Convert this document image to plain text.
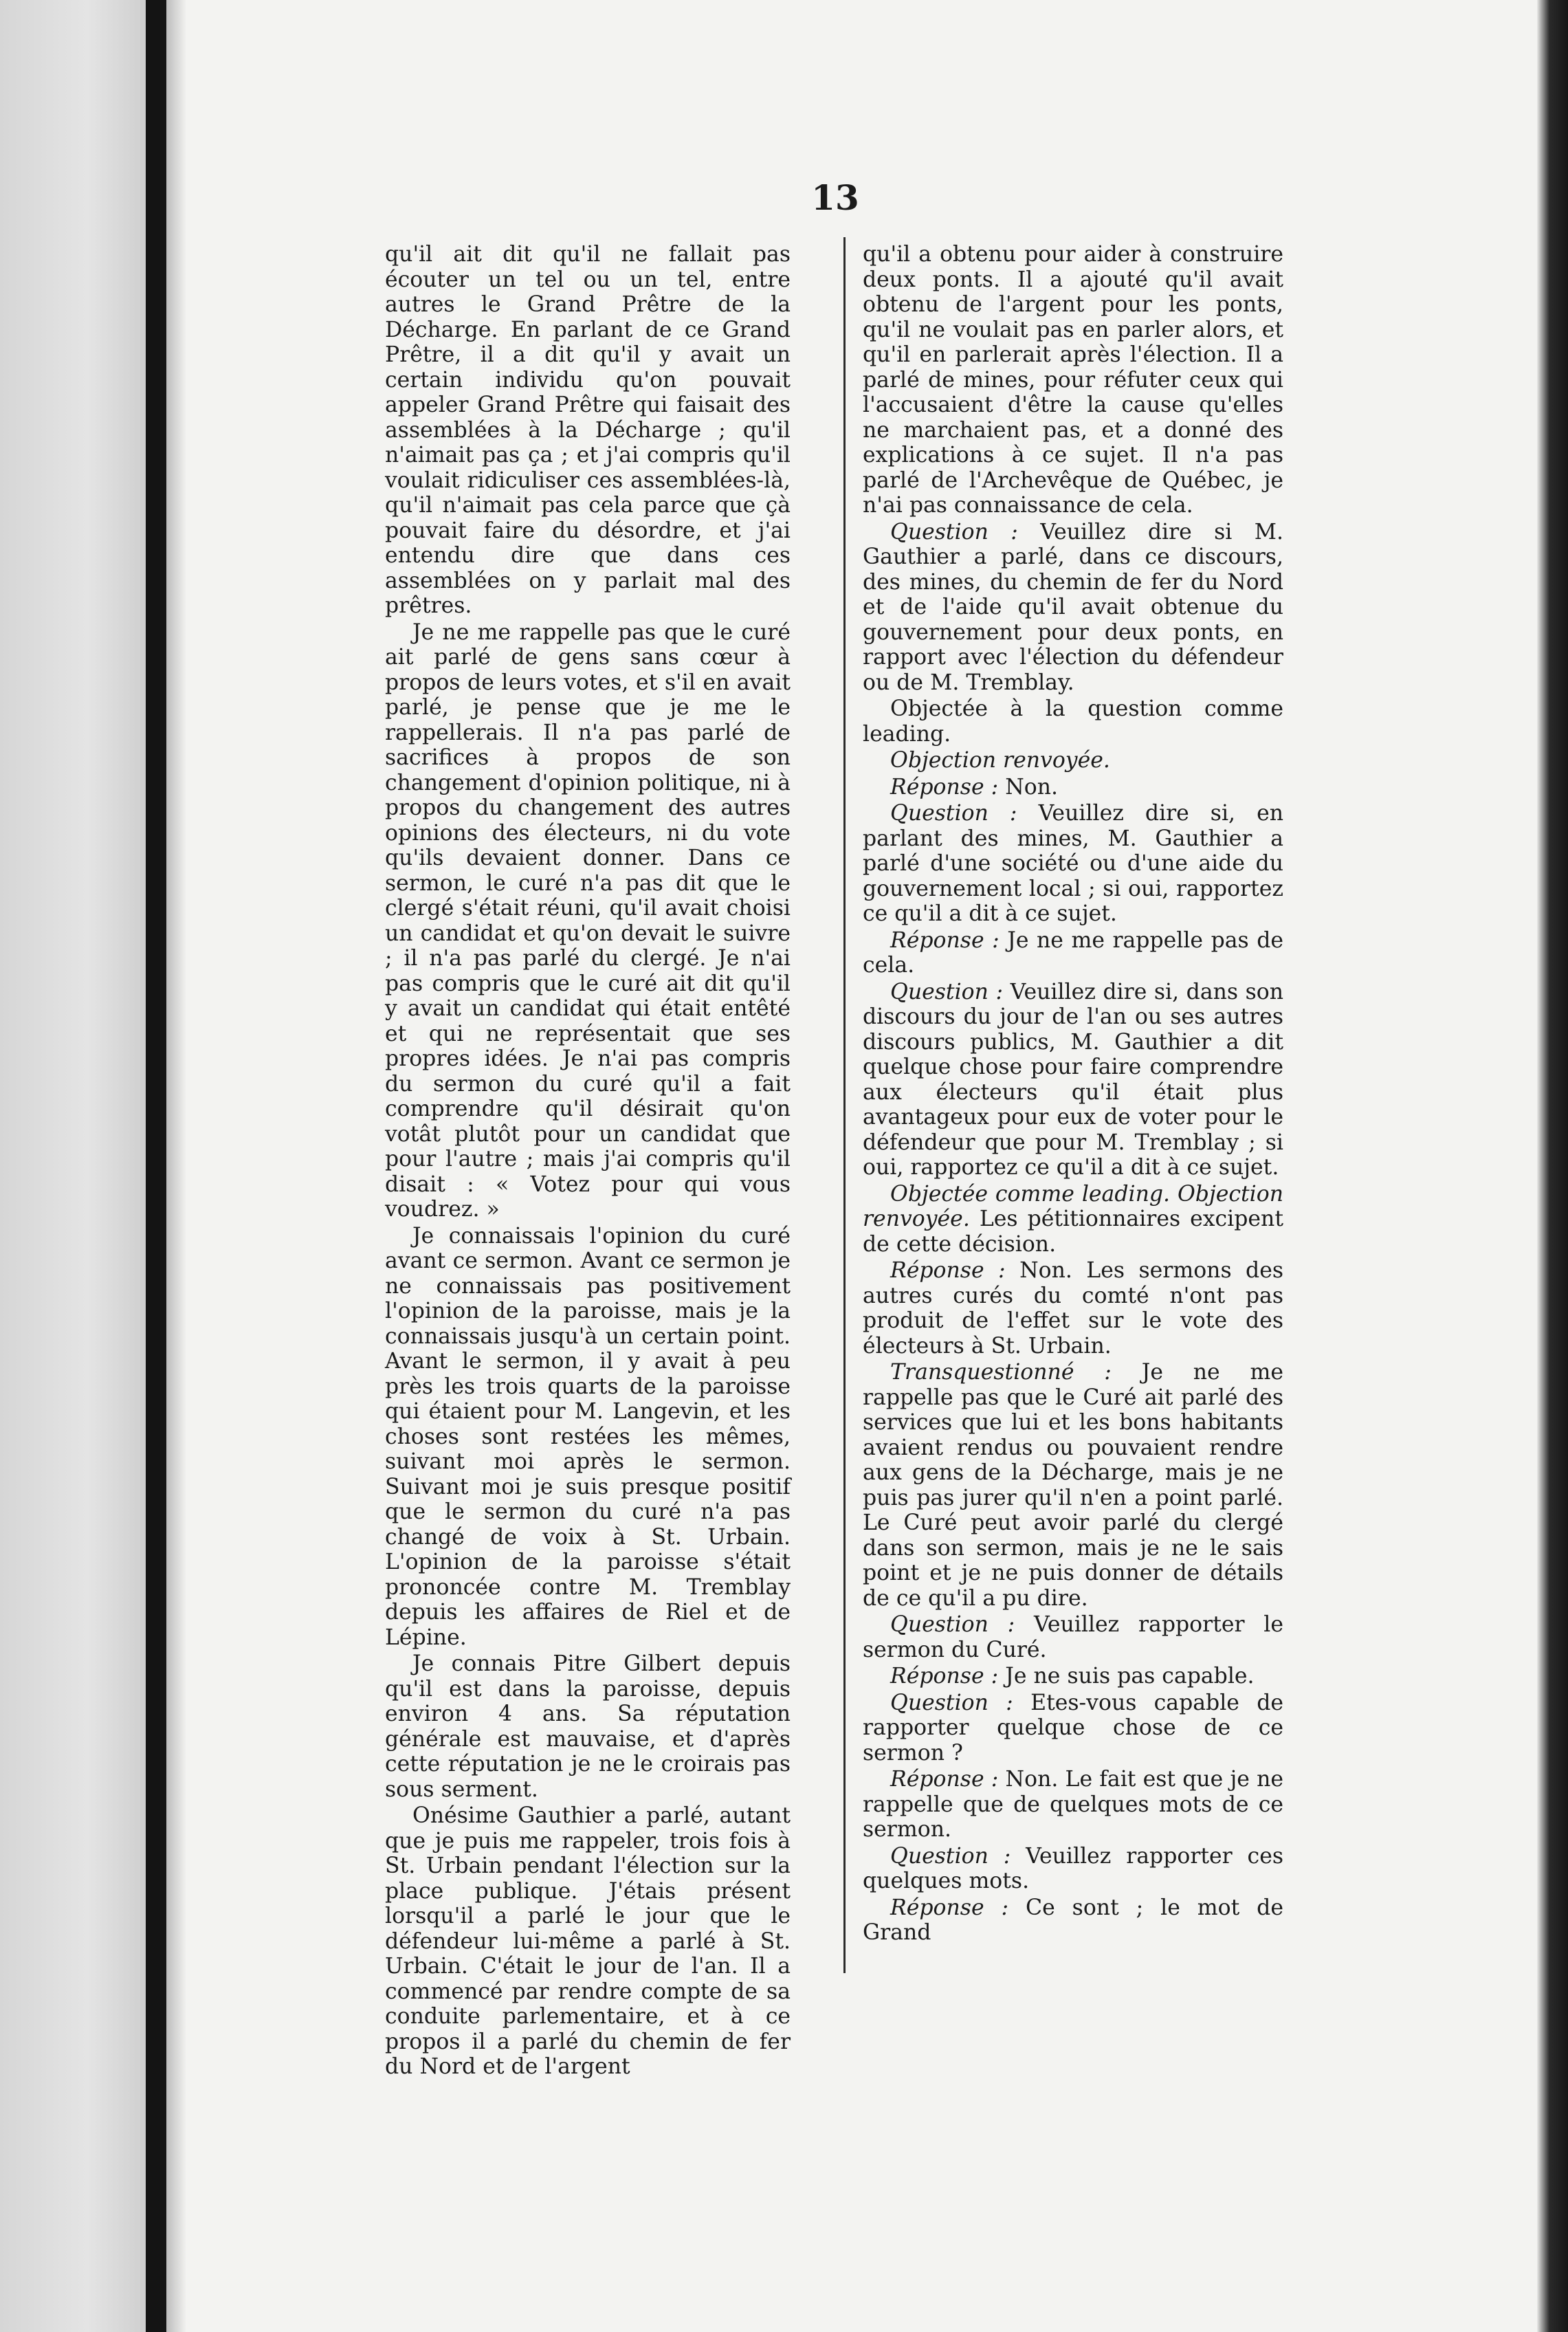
13

qu'il ait dit qu'il ne fallait pas écouter un tel ou un tel, entre autres le Grand Prêtre de la Décharge. En parlant de ce Grand Prêtre, il a dit qu'il y avait un certain individu qu'on pouvait appeler Grand Prêtre qui faisait des assemblées à la Décharge ; qu'il n'aimait pas ça ; et j'ai compris qu'il voulait ridiculiser ces assemblées-là, qu'il n'aimait pas cela parce que çà pouvait faire du désordre, et j'ai entendu dire que dans ces assemblées on y parlait mal des prêtres.

Je ne me rappelle pas que le curé ait parlé de gens sans cœur à propos de leurs votes, et s'il en avait parlé, je pense que je me le rappellerais. Il n'a pas parlé de sacrifices à propos de son changement d'opinion politique, ni à propos du changement des autres opinions des électeurs, ni du vote qu'ils devaient donner. Dans ce sermon, le curé n'a pas dit que le clergé s'était réuni, qu'il avait choisi un candidat et qu'on devait le suivre ; il n'a pas parlé du clergé. Je n'ai pas compris que le curé ait dit qu'il y avait un candidat qui était entêté et qui ne représentait que ses propres idées. Je n'ai pas compris du sermon du curé qu'il a fait comprendre qu'il désirait qu'on votât plutôt pour un candidat que pour l'autre ; mais j'ai compris qu'il disait : « Votez pour qui vous voudrez. »

Je connaissais l'opinion du curé avant ce sermon. Avant ce sermon je ne connaissais pas positivement l'opinion de la paroisse, mais je la connaissais jusqu'à un certain point. Avant le sermon, il y avait à peu près les trois quarts de la paroisse qui étaient pour M. Langevin, et les choses sont restées les mêmes, suivant moi après le sermon. Suivant moi je suis presque positif que le sermon du curé n'a pas changé de voix à St. Urbain. L'opinion de la paroisse s'était prononcée contre M. Tremblay depuis les affaires de Riel et de Lépine.

Je connais Pitre Gilbert depuis qu'il est dans la paroisse, depuis environ 4 ans. Sa réputation générale est mauvaise, et d'après cette réputation je ne le croirais pas sous serment.

Onésime Gauthier a parlé, autant que je puis me rappeler, trois fois à St. Urbain pendant l'élection sur la place publique. J'étais présent lorsqu'il a parlé le jour que le défendeur lui-même a parlé à St. Urbain. C'était le jour de l'an. Il a commencé par rendre compte de sa conduite parlementaire, et à ce propos il a parlé du chemin de fer du Nord et de l'argent

qu'il a obtenu pour aider à construire deux ponts. Il a ajouté qu'il avait obtenu de l'argent pour les ponts, qu'il ne voulait pas en parler alors, et qu'il en parlerait après l'élection. Il a parlé de mines, pour réfuter ceux qui l'accusaient d'être la cause qu'elles ne marchaient pas, et a donné des explications à ce sujet. Il n'a pas parlé de l'Archevêque de Québec, je n'ai pas connaissance de cela.

Question : Veuillez dire si M. Gauthier a parlé, dans ce discours, des mines, du chemin de fer du Nord et de l'aide qu'il avait obtenue du gouvernement pour deux ponts, en rapport avec l'élection du défendeur ou de M. Tremblay.

Objectée à la question comme leading.

Objection renvoyée.

Réponse : Non.

Question : Veuillez dire si, en parlant des mines, M. Gauthier a parlé d'une société ou d'une aide du gouvernement local ; si oui, rapportez ce qu'il a dit à ce sujet.

Réponse : Je ne me rappelle pas de cela.

Question : Veuillez dire si, dans son discours du jour de l'an ou ses autres discours publics, M. Gauthier a dit quelque chose pour faire comprendre aux électeurs qu'il était plus avantageux pour eux de voter pour le défendeur que pour M. Tremblay ; si oui, rapportez ce qu'il a dit à ce sujet.

Objectée comme leading. Objection renvoyée. Les pétitionnaires excipent de cette décision.

Réponse : Non. Les sermons des autres curés du comté n'ont pas produit de l'effet sur le vote des électeurs à St. Urbain.

Transquestionné : Je ne me rappelle pas que le Curé ait parlé des services que lui et les bons habitants avaient rendus ou pouvaient rendre aux gens de la Décharge, mais je ne puis pas jurer qu'il n'en a point parlé. Le Curé peut avoir parlé du clergé dans son sermon, mais je ne le sais point et je ne puis donner de détails de ce qu'il a pu dire.

Question : Veuillez rapporter le sermon du Curé.

Réponse : Je ne suis pas capable.

Question : Etes-vous capable de rapporter quelque chose de ce sermon ?

Réponse : Non. Le fait est que je ne rappelle que de quelques mots de ce sermon.

Question : Veuillez rapporter ces quelques mots.

Réponse : Ce sont ; le mot de Grand
